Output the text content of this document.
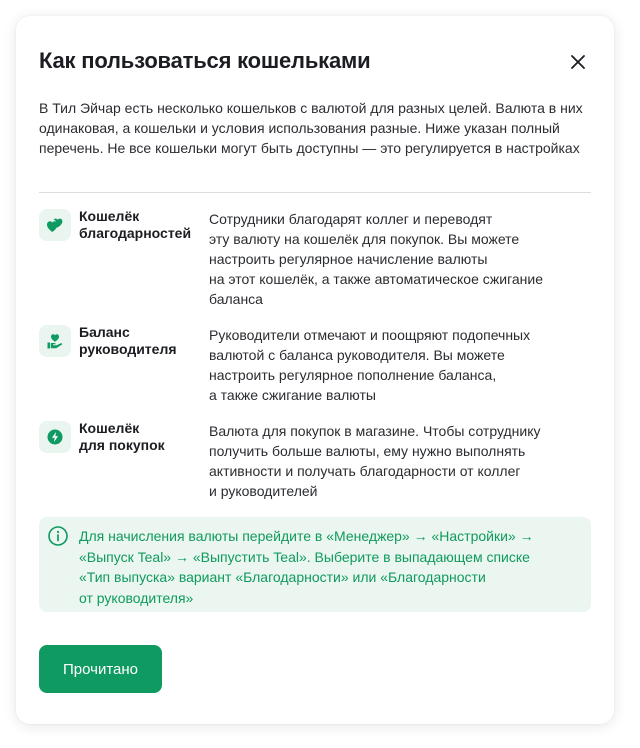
Как пользоваться кошельками

В Тил Эйчар есть несколько кошельков с валютой для разных целей. Валюта в них одинаковая, а кошельки и условия использования разные. Ниже указан полный перечень. Не все кошельки могут быть доступны — это регулируется в настройках

Кошелёк
благодарностей
Сотрудники благодарят коллег и переводят
эту валюту на кошелёк для покупок. Вы можете
настроить регулярное начисление валюты
на этот кошелёк, а также автоматическое сжигание
баланса
Баланс
руководителя
Руководители отмечают и поощряют подопечных
валютой с баланса руководителя. Вы можете
настроить регулярное пополнение баланса,
а также сжигание валюты
Кошелёк
для покупок
Валюта для покупок в магазине. Чтобы сотруднику
получить больше валюты, ему нужно выполнять
активности и получать благодарности от коллег
и руководителей
Для начисления валюты перейдите в «Менеджер» → «Настройки» →
«Выпуск Teal» → «Выпустить Teal». Выберите в выпадающем списке
«Тип выпуска» вариант «Благодарности» или «Благодарности
от руководителя»
Прочитано
